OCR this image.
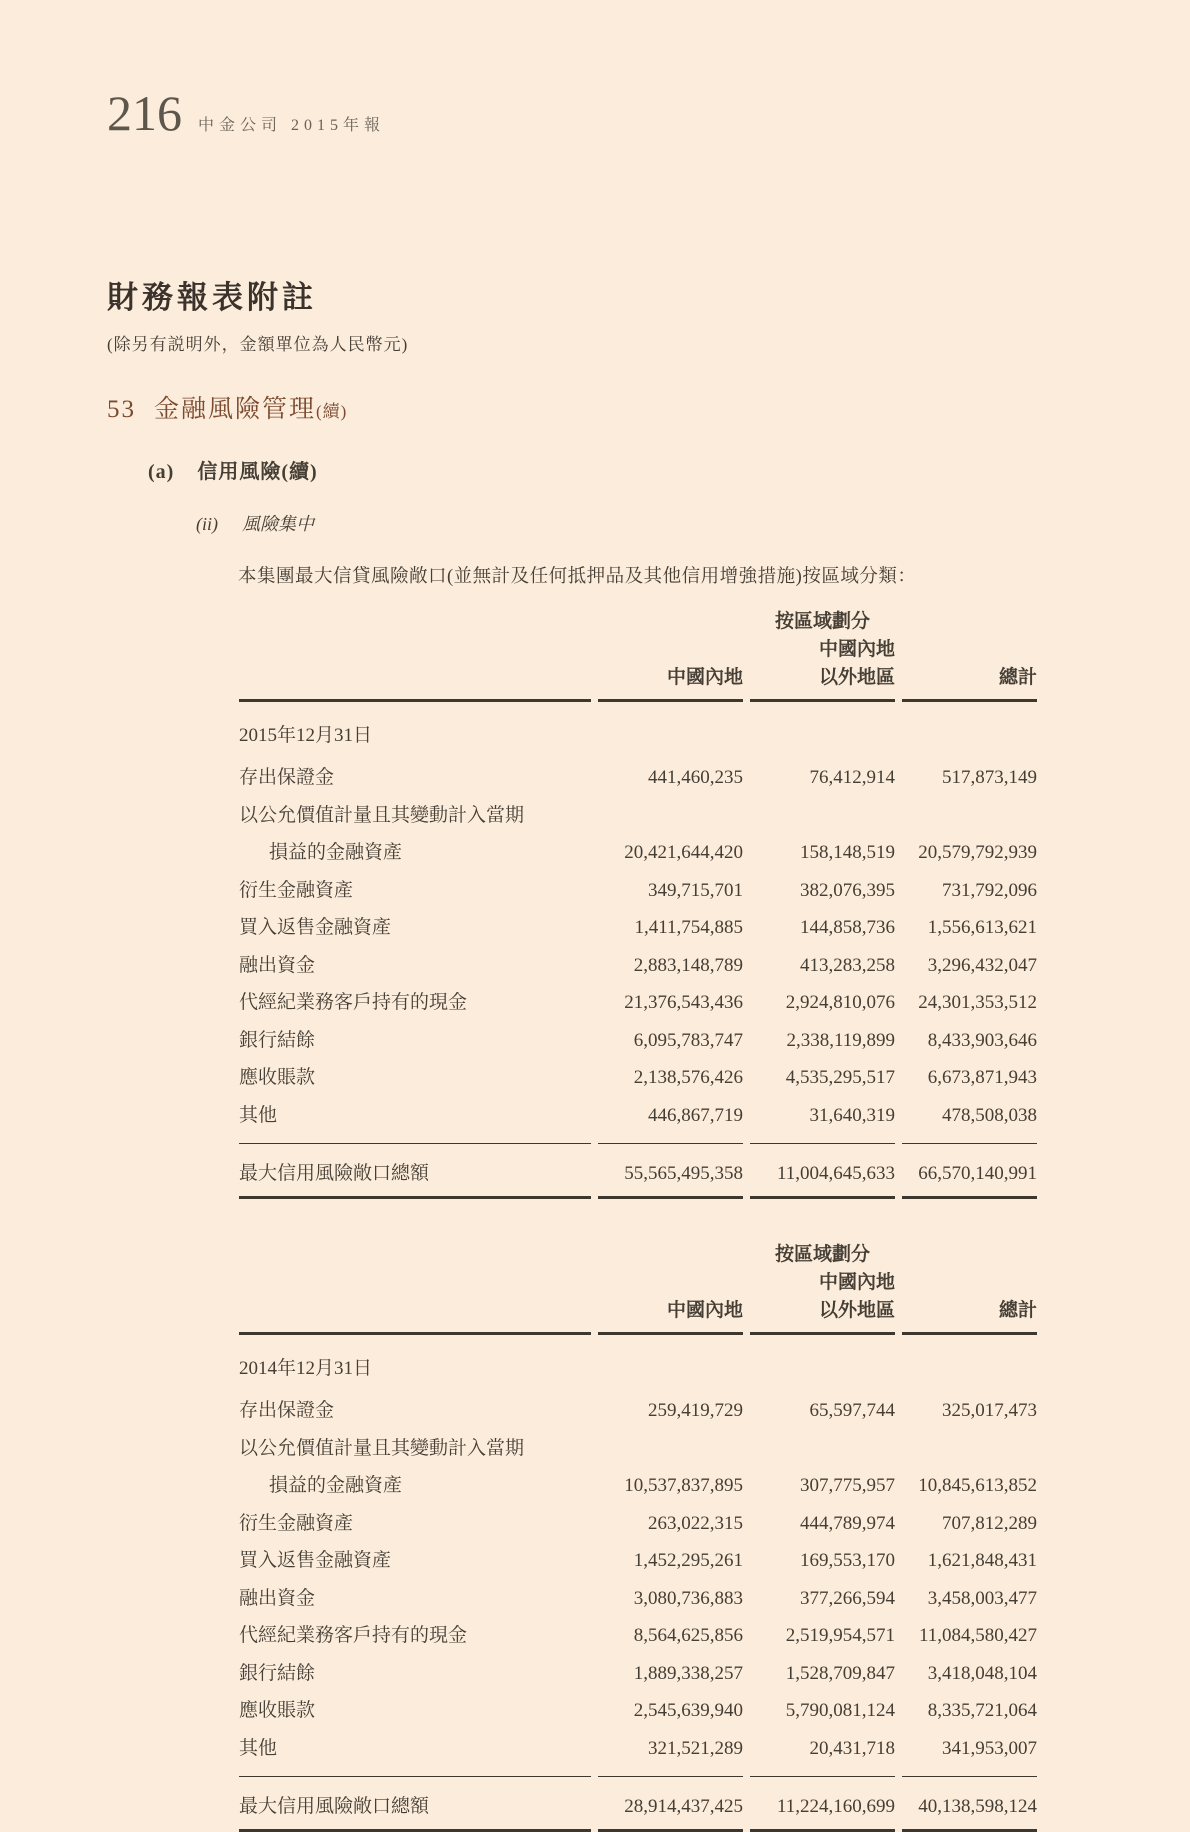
216 中金公司 2015年報
財務報表附註
(除另有説明外，金額單位為人民幣元)
53 金融風險管理(續)
(a) 信用風險(續)
(ii) 風險集中

本集團最大信貸風險敞口(並無計及任何抵押品及其他信用增強措施)按區域分類：

		按區域劃分	
		中國內地	
	中國內地	以外地區	總計
2015年12月31日			
存出保證金	441,460,235	76,412,914	517,873,149
以公允價值計量且其變動計入當期			
損益的金融資產	20,421,644,420	158,148,519	20,579,792,939
衍生金融資產	349,715,701	382,076,395	731,792,096
買入返售金融資產	1,411,754,885	144,858,736	1,556,613,621
融出資金	2,883,148,789	413,283,258	3,296,432,047
代經紀業務客戶持有的現金	21,376,543,436	2,924,810,076	24,301,353,512
銀行結餘	6,095,783,747	2,338,119,899	8,433,903,646
應收賬款	2,138,576,426	4,535,295,517	6,673,871,943
其他	446,867,719	31,640,319	478,508,038
最大信用風險敞口總額	55,565,495,358	11,004,645,633	66,570,140,991
		按區域劃分	
		中國內地	
	中國內地	以外地區	總計
2014年12月31日			
存出保證金	259,419,729	65,597,744	325,017,473
以公允價值計量且其變動計入當期			
損益的金融資產	10,537,837,895	307,775,957	10,845,613,852
衍生金融資產	263,022,315	444,789,974	707,812,289
買入返售金融資產	1,452,295,261	169,553,170	1,621,848,431
融出資金	3,080,736,883	377,266,594	3,458,003,477
代經紀業務客戶持有的現金	8,564,625,856	2,519,954,571	11,084,580,427
銀行結餘	1,889,338,257	1,528,709,847	3,418,048,104
應收賬款	2,545,639,940	5,790,081,124	8,335,721,064
其他	321,521,289	20,431,718	341,953,007
最大信用風險敞口總額	28,914,437,425	11,224,160,699	40,138,598,124
